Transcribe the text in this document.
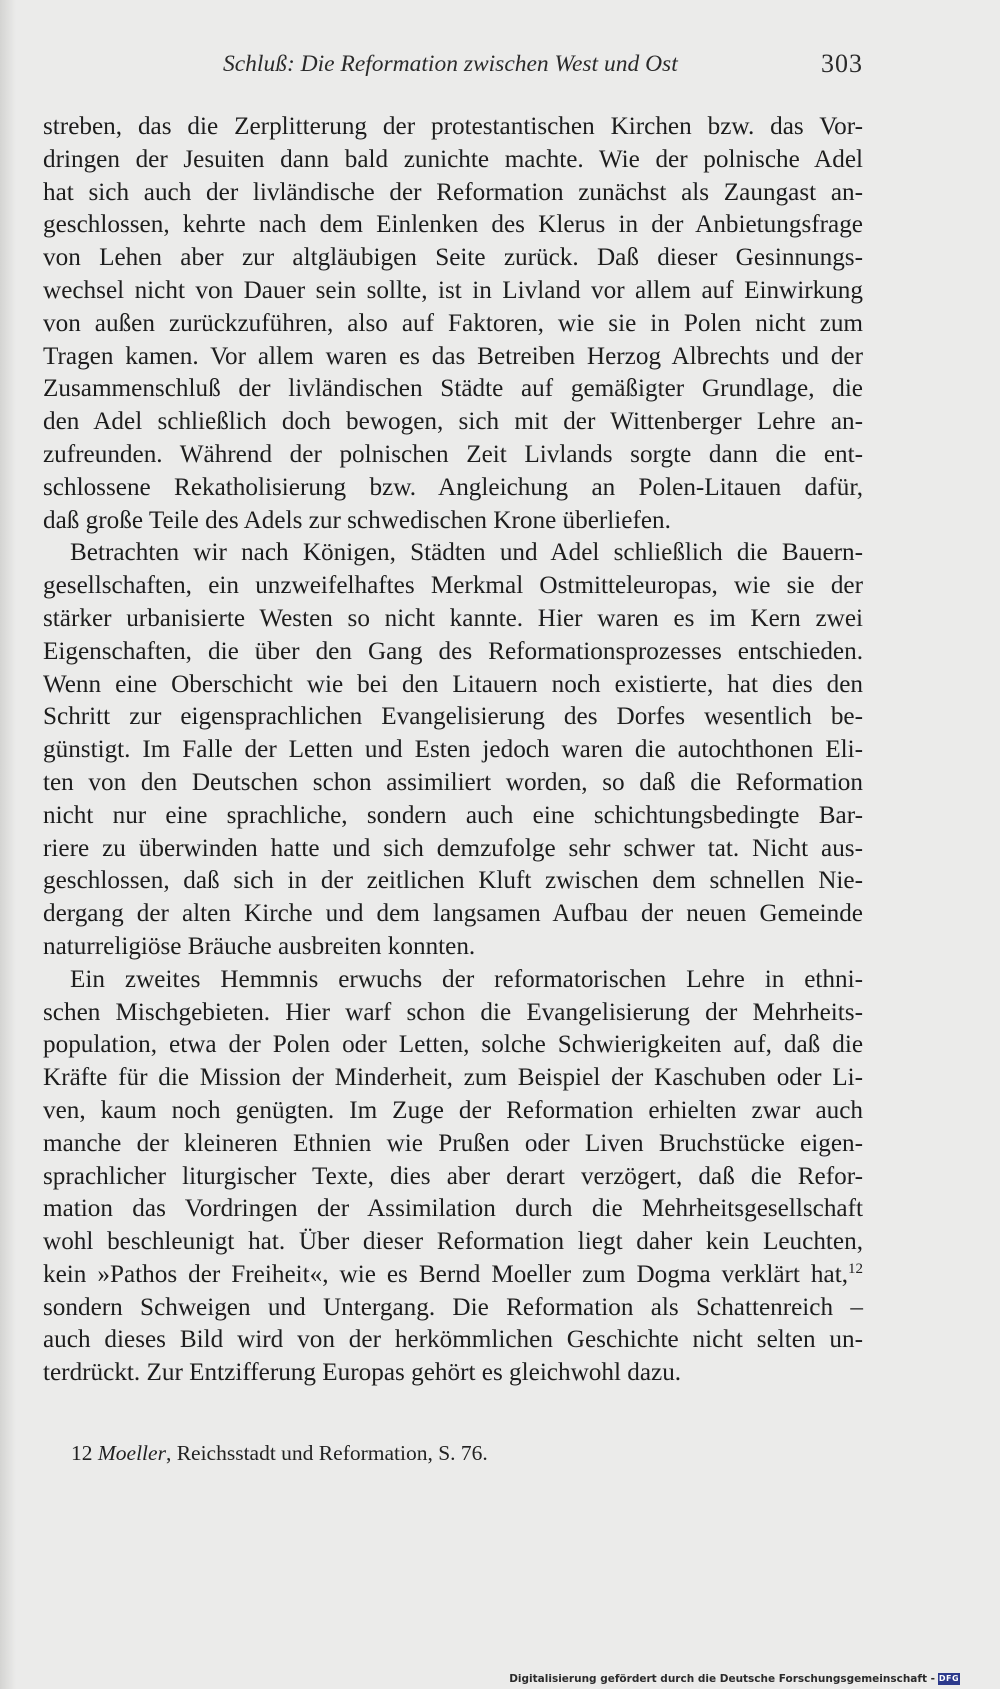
Schluß: Die Reformation zwischen West und Ost	303
streben, das die Zerplitterung der protestantischen Kirchen bzw. das Vor-
dringen der Jesuiten dann bald zunichte machte. Wie der polnische Adel
hat sich auch der livländische der Reformation zunächst als Zaungast an-
geschlossen, kehrte nach dem Einlenken des Klerus in der Anbietungsfrage
von Lehen aber zur altgläubigen Seite zurück. Daß dieser Gesinnungs-
wechsel nicht von Dauer sein sollte, ist in Livland vor allem auf Einwirkung
von außen zurückzuführen, also auf Faktoren, wie sie in Polen nicht zum
Tragen kamen. Vor allem waren es das Betreiben Herzog Albrechts und der
Zusammenschluß der livländischen Städte auf gemäßigter Grundlage, die
den Adel schließlich doch bewogen, sich mit der Wittenberger Lehre an-
zufreunden. Während der polnischen Zeit Livlands sorgte dann die ent-
schlossene Rekatholisierung bzw. Angleichung an Polen-Litauen dafür,
daß große Teile des Adels zur schwedischen Krone überliefen.
Betrachten wir nach Königen, Städten und Adel schließlich die Bauern-
gesellschaften, ein unzweifelhaftes Merkmal Ostmitteleuropas, wie sie der
stärker urbanisierte Westen so nicht kannte. Hier waren es im Kern zwei
Eigenschaften, die über den Gang des Reformationsprozesses entschieden.
Wenn eine Oberschicht wie bei den Litauern noch existierte, hat dies den
Schritt zur eigensprachlichen Evangelisierung des Dorfes wesentlich be-
günstigt. Im Falle der Letten und Esten jedoch waren die autochthonen Eli-
ten von den Deutschen schon assimiliert worden, so daß die Reformation
nicht nur eine sprachliche, sondern auch eine schichtungsbedingte Bar-
riere zu überwinden hatte und sich demzufolge sehr schwer tat. Nicht aus-
geschlossen, daß sich in der zeitlichen Kluft zwischen dem schnellen Nie-
dergang der alten Kirche und dem langsamen Aufbau der neuen Gemeinde
naturreligiöse Bräuche ausbreiten konnten.
Ein zweites Hemmnis erwuchs der reformatorischen Lehre in ethni-
schen Mischgebieten. Hier warf schon die Evangelisierung der Mehrheits-
population, etwa der Polen oder Letten, solche Schwierigkeiten auf, daß die
Kräfte für die Mission der Minderheit, zum Beispiel der Kaschuben oder Li-
ven, kaum noch genügten. Im Zuge der Reformation erhielten zwar auch
manche der kleineren Ethnien wie Prußen oder Liven Bruchstücke eigen-
sprachlicher liturgischer Texte, dies aber derart verzögert, daß die Refor-
mation das Vordringen der Assimilation durch die Mehrheitsgesellschaft
wohl beschleunigt hat. Über dieser Reformation liegt daher kein Leuchten,
kein »Pathos der Freiheit«, wie es Bernd Moeller zum Dogma verklärt hat,$^{12}$
sondern Schweigen und Untergang. Die Reformation als Schattenreich –
auch dieses Bild wird von der herkömmlichen Geschichte nicht selten un-
terdrückt. Zur Entzifferung Europas gehört es gleichwohl dazu.
12 Moeller, Reichsstadt und Reformation, S. 76.
Digitalisierung gefördert durch die Deutsche Forschungsgemeinschaft - DFG
